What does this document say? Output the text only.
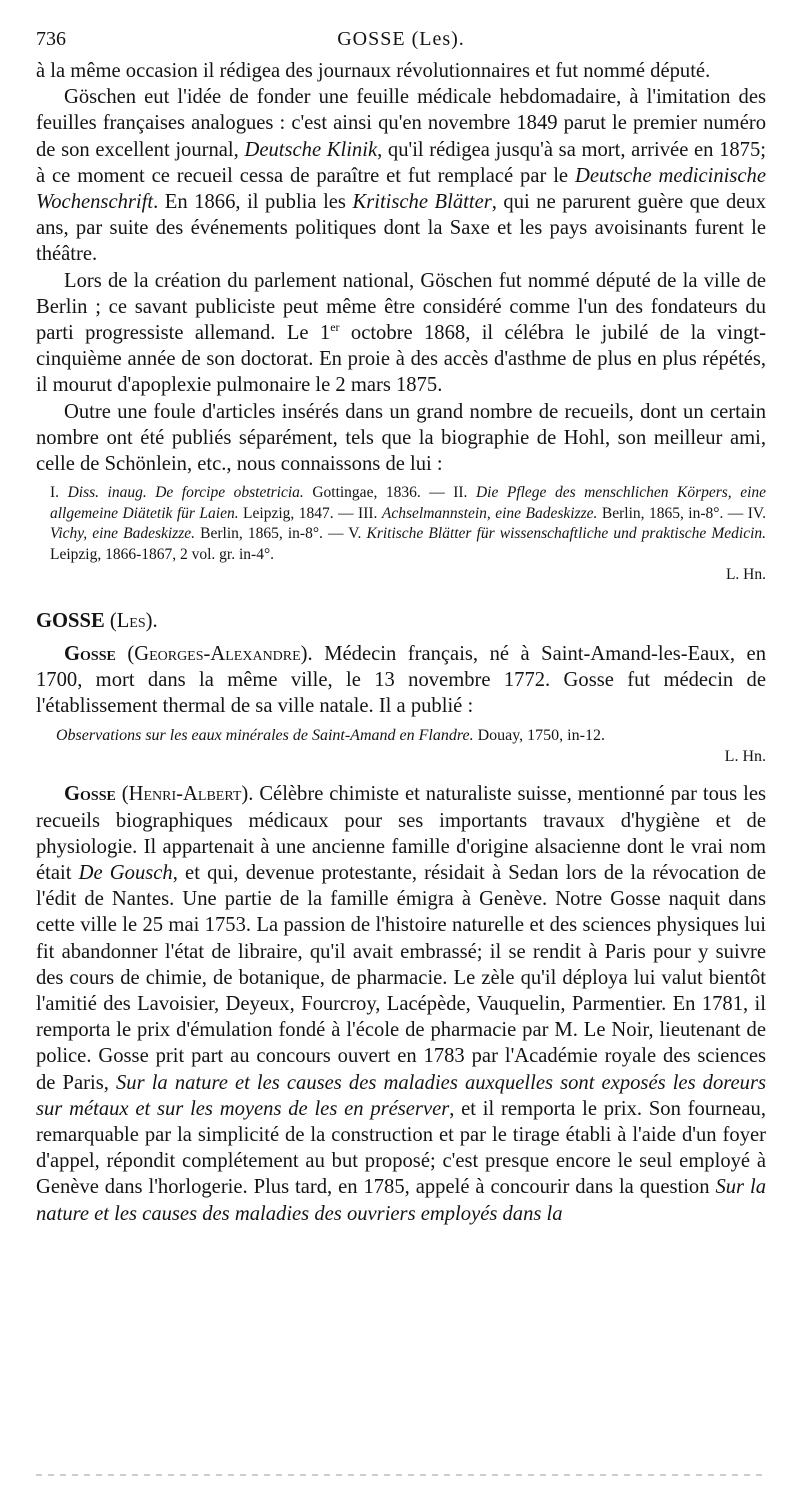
736	GOSSE (Les).

à la même occasion il rédigea des journaux révolutionnaires et fut nommé député.

Göschen eut l'idée de fonder une feuille médicale hebdomadaire, à l'imitation des feuilles françaises analogues : c'est ainsi qu'en novembre 1849 parut le premier numéro de son excellent journal, Deutsche Klinik, qu'il rédigea jusqu'à sa mort, arrivée en 1875; à ce moment ce recueil cessa de paraître et fut remplacé par le Deutsche medicinische Wochenschrift. En 1866, il publia les Kritische Blätter, qui ne parurent guère que deux ans, par suite des événements politiques dont la Saxe et les pays avoisinants furent le théâtre.

Lors de la création du parlement national, Göschen fut nommé député de la ville de Berlin ; ce savant publiciste peut même être considéré comme l'un des fondateurs du parti progressiste allemand. Le 1er octobre 1868, il célébra le jubilé de la vingt-cinquième année de son doctorat. En proie à des accès d'asthme de plus en plus répétés, il mourut d'apoplexie pulmonaire le 2 mars 1875.

Outre une foule d'articles insérés dans un grand nombre de recueils, dont un certain nombre ont été publiés séparément, tels que la biographie de Hohl, son meilleur ami, celle de Schönlein, etc., nous connaissons de lui :

I. Diss. inaug. De forcipe obstetricia. Gottingae, 1836. — II. Die Pflege des menschlichen Körpers, eine allgemeine Diätetik für Laien. Leipzig, 1847. — III. Achselmannstein, eine Badeskizze. Berlin, 1865, in-8°. — IV. Vichy, eine Badeskizze. Berlin, 1865, in-8°. — V. Kritische Blätter für wissenschaftliche und praktische Medicin. Leipzig, 1866-1867, 2 vol. gr. in-4°.

L. Hn.

GOSSE (Les).

Gosse (Georges-Alexandre). Médecin français, né à Saint-Amand-les-Eaux, en 1700, mort dans la même ville, le 13 novembre 1772. Gosse fut médecin de l'établissement thermal de sa ville natale. Il a publié :

Observations sur les eaux minérales de Saint-Amand en Flandre. Douay, 1750, in-12.

L. Hn.

Gosse (Henri-Albert). Célèbre chimiste et naturaliste suisse, mentionné par tous les recueils biographiques médicaux pour ses importants travaux d'hygiène et de physiologie. Il appartenait à une ancienne famille d'origine alsacienne dont le vrai nom était De Gousch, et qui, devenue protestante, résidait à Sedan lors de la révocation de l'édit de Nantes. Une partie de la famille émigra à Genève. Notre Gosse naquit dans cette ville le 25 mai 1753. La passion de l'histoire naturelle et des sciences physiques lui fit abandonner l'état de libraire, qu'il avait embrassé; il se rendit à Paris pour y suivre des cours de chimie, de botanique, de pharmacie. Le zèle qu'il déploya lui valut bientôt l'amitié des Lavoisier, Deyeux, Fourcroy, Lacépède, Vauquelin, Parmentier. En 1781, il remporta le prix d'émulation fondé à l'école de pharmacie par M. Le Noir, lieutenant de police. Gosse prit part au concours ouvert en 1783 par l'Académie royale des sciences de Paris, Sur la nature et les causes des maladies auxquelles sont exposés les doreurs sur métaux et sur les moyens de les en préserver, et il remporta le prix. Son fourneau, remarquable par la simplicité de la construction et par le tirage établi à l'aide d'un foyer d'appel, répondit complétement au but proposé; c'est presque encore le seul employé à Genève dans l'horlogerie. Plus tard, en 1785, appelé à concourir dans la question Sur la nature et les causes des maladies des ouvriers employés dans la
